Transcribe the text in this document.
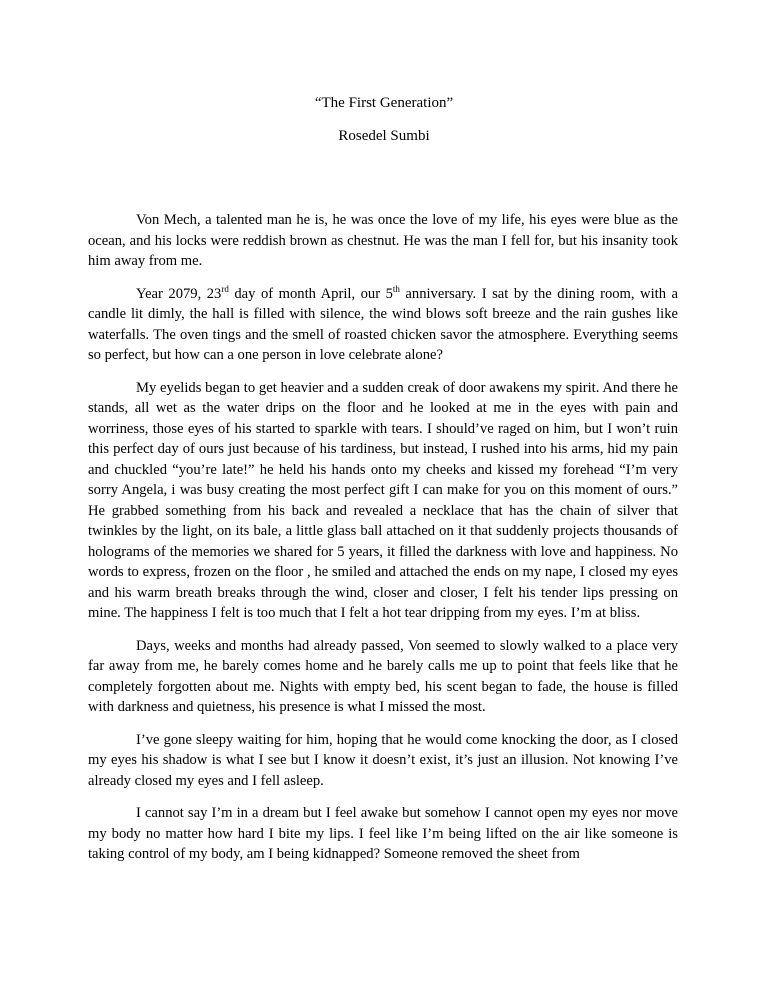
“The First Generation”
Rosedel Sumbi

Von Mech, a talented man he is, he was once the love of my life, his eyes were blue as the ocean, and his locks were reddish brown as chestnut. He was the man I fell for, but his insanity took him away from me.

Year 2079, 23rd day of month April, our 5th anniversary. I sat by the dining room, with a candle lit dimly, the hall is filled with silence, the wind blows soft breeze and the rain gushes like waterfalls. The oven tings and the smell of roasted chicken savor the atmosphere. Everything seems so perfect, but how can a one person in love celebrate alone?

My eyelids began to get heavier and a sudden creak of door awakens my spirit. And there he stands, all wet as the water drips on the floor and he looked at me in the eyes with pain and worriness, those eyes of his started to sparkle with tears. I should’ve raged on him, but I won’t ruin this perfect day of ours just because of his tardiness, but instead, I rushed into his arms, hid my pain and chuckled “you’re late!” he held his hands onto my cheeks and kissed my forehead “I’m very sorry Angela, i was busy creating the most perfect gift I can make for you on this moment of ours.” He grabbed something from his back and revealed a necklace that has the chain of silver that twinkles by the light, on its bale, a little glass ball attached on it that suddenly projects thousands of holograms of the memories we shared for 5 years, it filled the darkness with love and happiness. No words to express, frozen on the floor , he smiled and attached the ends on my nape, I closed my eyes and his warm breath breaks through the wind, closer and closer, I felt his tender lips pressing on mine. The happiness I felt is too much that I felt a hot tear dripping from my eyes. I’m at bliss.

Days, weeks and months had already passed, Von seemed to slowly walked to a place very far away from me, he barely comes home and he barely calls me up to point that feels like that he completely forgotten about me. Nights with empty bed, his scent began to fade, the house is filled with darkness and quietness, his presence is what I missed the most.

I’ve gone sleepy waiting for him, hoping that he would come knocking the door, as I closed my eyes his shadow is what I see but I know it doesn’t exist, it’s just an illusion. Not knowing I’ve already closed my eyes and I fell asleep.

I cannot say I’m in a dream but I feel awake but somehow I cannot open my eyes nor move my body no matter how hard I bite my lips. I feel like I’m being lifted on the air like someone is taking control of my body, am I being kidnapped? Someone removed the sheet from
